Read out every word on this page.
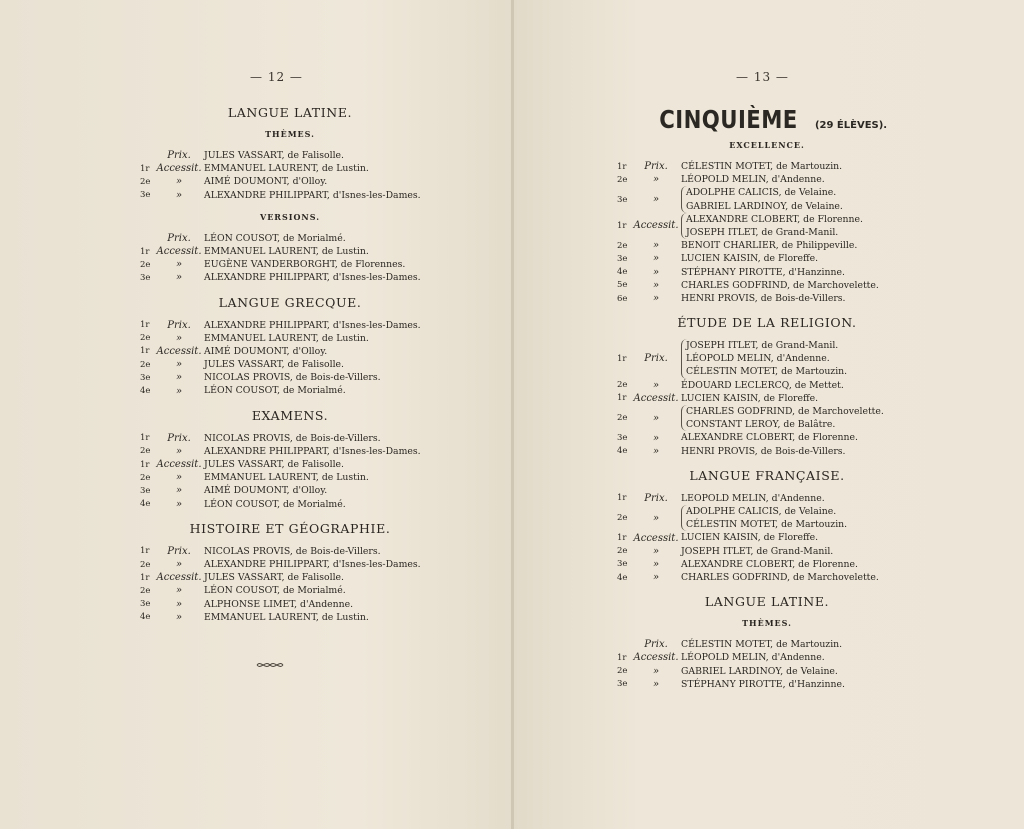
— 12 —
LANGUE LATINE.
THÈMES.
Prix.	JULES VASSART, de Falisolle.
1r Accessit. EMMANUEL LAURENT, de Lustin.
2e	»	AIMÉ DOUMONT, d'Olloy.
3e	»	ALEXANDRE PHILIPPART, d'Isnes-les-Dames.
VERSIONS.
Prix.	LÉON COUSOT, de Morialmé.
1r Accessit. EMMANUEL LAURENT, de Lustin.
2e	»	EUGÈNE VANDERBORGHT, de Florennes.
3e	»	ALEXANDRE PHILIPPART, d'Isnes-les-Dames.
LANGUE GRECQUE.
1r	Prix.	ALEXANDRE PHILIPPART, d'Isnes-les-Dames.
2e	»	EMMANUEL LAURENT, de Lustin.
1r Accessit. AIMÉ DOUMONT, d'Olloy.
2e	»	JULES VASSART, de Falisolle.
3e	»	NICOLAS PROVIS, de Bois-de-Villers.
4e	»	LÉON COUSOT, de Morialmé.
EXAMENS.
1r	Prix.	NICOLAS PROVIS, de Bois-de-Villers.
2e	»	ALEXANDRE PHILIPPART, d'Isnes-les-Dames.
1r Accessit. JULES VASSART, de Falisolle.
2e	»	EMMANUEL LAURENT, de Lustin.
3e	»	AIMÉ DOUMONT, d'Olloy.
4e	»	LÉON COUSOT, de Morialmé.
HISTOIRE ET GÉOGRAPHIE.
1r	Prix.	NICOLAS PROVIS, de Bois-de-Villers.
2e	»	ALEXANDRE PHILIPPART, d'Isnes-les-Dames.
1r Accessit. JULES VASSART, de Falisolle.
2e	»	LÉON COUSOT, de Morialmé.
3e	»	ALPHONSE LIMET, d'Andenne.
4e	»	EMMANUEL LAURENT, de Lustin.
— 13 —
CINQUIÈME (29 ÉLÈVES).
EXCELLENCE.
1r	Prix.	CÉLESTIN MOTET, de Martouzin.
2e	»	LÉOPOLD MELIN, d'Andenne.
3e	»
ADOLPHE CALICIS, de Velaine.
GABRIEL LARDINOY, de Velaine.
1r Accessit.
ALEXANDRE CLOBERT, de Florenne.
JOSEPH ITLET, de Grand-Manil.
2e	»	BENOIT CHARLIER, de Philippeville.
3e	»	LUCIEN KAISIN, de Floreffe.
4e	»	STÉPHANY PIROTTE, d'Hanzinne.
5e	»	CHARLES GODFRIND, de Marchovelette.
6e	»	HENRI PROVIS, de Bois-de-Villers.
ÉTUDE DE LA RELIGION.
1r	Prix.
JOSEPH ITLET, de Grand-Manil.
LÉOPOLD MELIN, d'Andenne.
CÉLESTIN MOTET, de Martouzin.
2e	»	ÉDOUARD LECLERCQ, de Mettet.
1r Accessit. LUCIEN KAISIN, de Floreffe.
2e	»
CHARLES GODFRIND, de Marchovelette.
CONSTANT LEROY, de Balâtre.
3e	»	ALEXANDRE CLOBERT, de Florenne.
4e	»	HENRI PROVIS, de Bois-de-Villers.
LANGUE FRANÇAISE.
1r	Prix.	LEOPOLD MELIN, d'Andenne.
2e	»
ADOLPHE CALICIS, de Velaine.
CÉLESTIN MOTET, de Martouzin.
1r Accessit. LUCIEN KAISIN, de Floreffe.
2e	»	JOSEPH ITLET, de Grand-Manil.
3e	»	ALEXANDRE CLOBERT, de Florenne.
4e	»	CHARLES GODFRIND, de Marchovelette.
LANGUE LATINE.
THÈMES.
Prix.	CÉLESTIN MOTET, de Martouzin.
1r Accessit. LÉOPOLD MELIN, d'Andenne.
2e	»	GABRIEL LARDINOY, de Velaine.
3e	»	STÉPHANY PIROTTE, d'Hanzinne.
